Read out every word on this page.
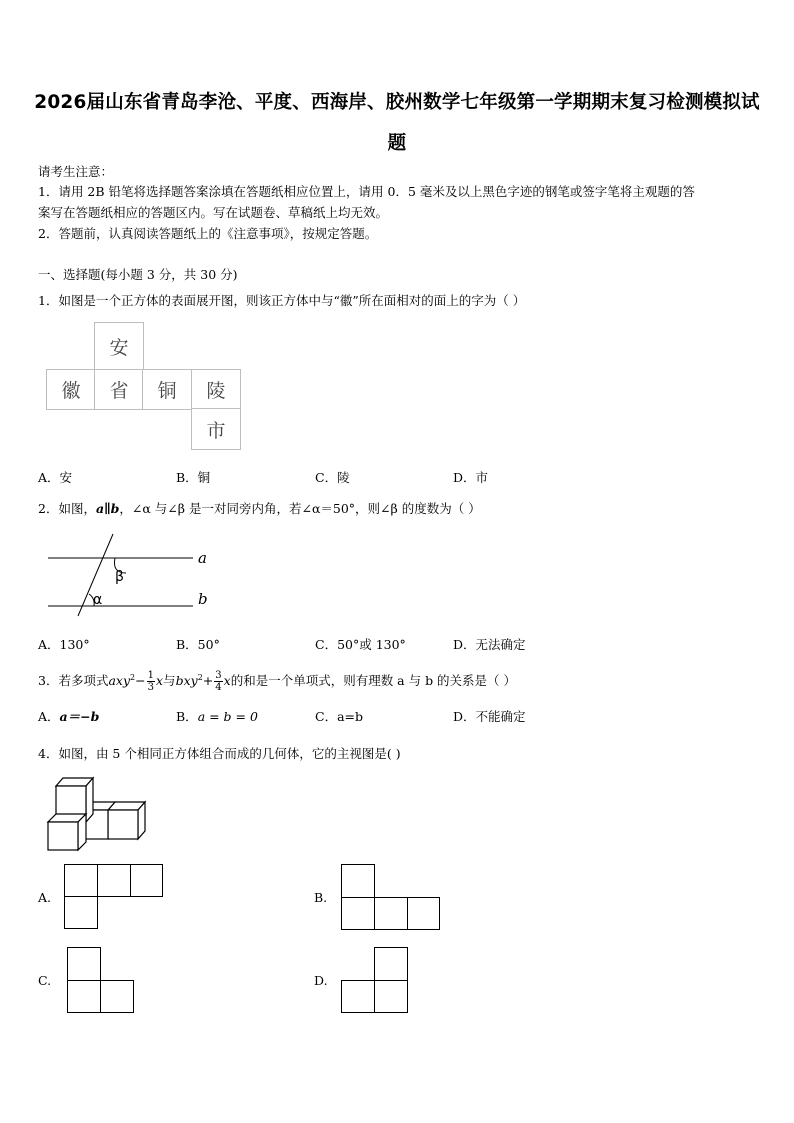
2026届山东省青岛李沧、平度、西海岸、胶州数学七年级第一学期期末复习检测模拟试
题
请考生注意：
1．请用 2B 铅笔将选择题答案涂填在答题纸相应位置上，请用 0．5 毫米及以上黑色字迹的钢笔或签字笔将主观题的答
案写在答题纸相应的答题区内。写在试题卷、草稿纸上均无效。
2．答题前，认真阅读答题纸上的《注意事项》，按规定答题。
一、选择题(每小题 3 分，共 30 分)
1．如图是一个正方体的表面展开图，则该正方体中与“徽”所在面相对的面上的字为（ ）
安
徽	省	铜	陵
市
A．安	B．铜	C．陵	D．市
2．如图，a∥b，∠α 与∠β 是一对同旁内角，若∠α＝50°，则∠β 的度数为（ ）
a
b
β
α
A．130°	B．50°	C．50°或 130°	D．无法确定
3．若多项式$axy^2- \frac{1}{3}$ x与$bxy^2+ \frac{3}{4}$ x的和是一个单项式，则有理数 a 与 b 的关系是（ ）
A．a＝−b	B．a = b = 0	C．a=b	D．不能确定
4．如图，由 5 个相同正方体组合而成的几何体，它的主视图是( )
A.	B.
C.	D.
